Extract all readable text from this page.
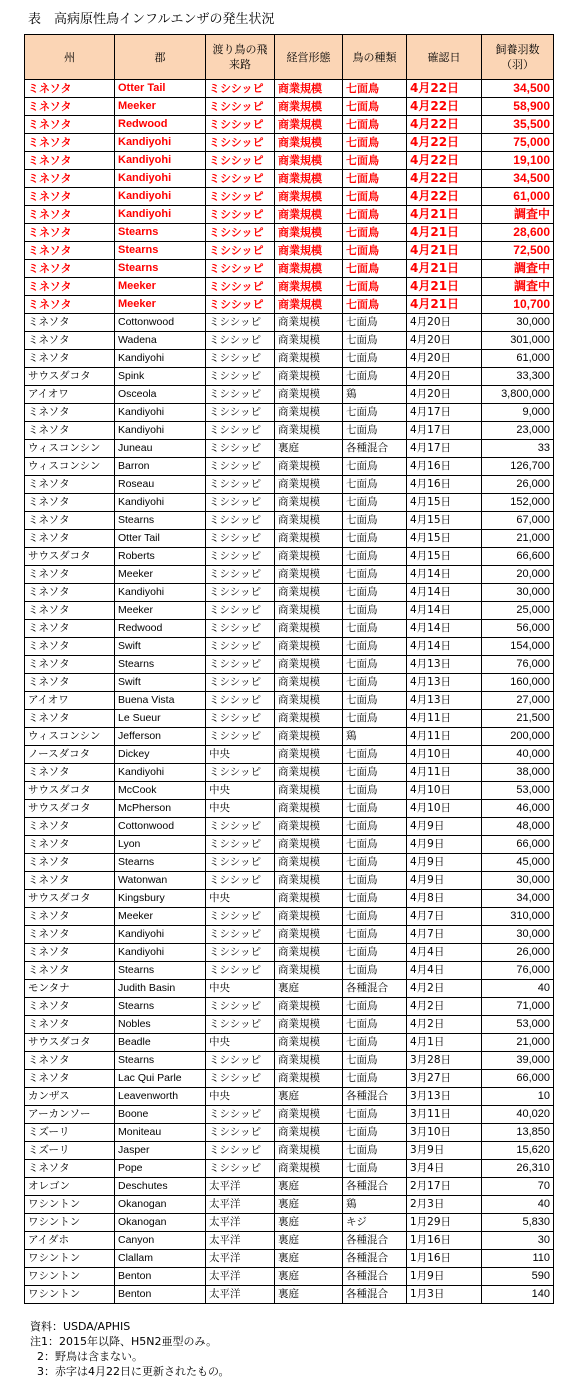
表　高病原性鳥インフルエンザの発生状況
州	郡	渡り鳥の飛来路	経営形態	鳥の種類	確認日	飼養羽数（羽）
ミネソタ	Otter Tail	ミシシッピ	商業規模	七面鳥	4月22日	34,500
ミネソタ	Meeker	ミシシッピ	商業規模	七面鳥	4月22日	58,900
ミネソタ	Redwood	ミシシッピ	商業規模	七面鳥	4月22日	35,500
ミネソタ	Kandiyohi	ミシシッピ	商業規模	七面鳥	4月22日	75,000
ミネソタ	Kandiyohi	ミシシッピ	商業規模	七面鳥	4月22日	19,100
ミネソタ	Kandiyohi	ミシシッピ	商業規模	七面鳥	4月22日	34,500
ミネソタ	Kandiyohi	ミシシッピ	商業規模	七面鳥	4月22日	61,000
ミネソタ	Kandiyohi	ミシシッピ	商業規模	七面鳥	4月21日	調査中
ミネソタ	Stearns	ミシシッピ	商業規模	七面鳥	4月21日	28,600
ミネソタ	Stearns	ミシシッピ	商業規模	七面鳥	4月21日	72,500
ミネソタ	Stearns	ミシシッピ	商業規模	七面鳥	4月21日	調査中
ミネソタ	Meeker	ミシシッピ	商業規模	七面鳥	4月21日	調査中
ミネソタ	Meeker	ミシシッピ	商業規模	七面鳥	4月21日	10,700
ミネソタ	Cottonwood	ミシシッピ	商業規模	七面鳥	4月20日	30,000
ミネソタ	Wadena	ミシシッピ	商業規模	七面鳥	4月20日	301,000
ミネソタ	Kandiyohi	ミシシッピ	商業規模	七面鳥	4月20日	61,000
サウスダコタ	Spink	ミシシッピ	商業規模	七面鳥	4月20日	33,300
アイオワ	Osceola	ミシシッピ	商業規模	鶏	4月20日	3,800,000
ミネソタ	Kandiyohi	ミシシッピ	商業規模	七面鳥	4月17日	9,000
ミネソタ	Kandiyohi	ミシシッピ	商業規模	七面鳥	4月17日	23,000
ウィスコンシン	Juneau	ミシシッピ	裏庭	各種混合	4月17日	33
ウィスコンシン	Barron	ミシシッピ	商業規模	七面鳥	4月16日	126,700
ミネソタ	Roseau	ミシシッピ	商業規模	七面鳥	4月16日	26,000
ミネソタ	Kandiyohi	ミシシッピ	商業規模	七面鳥	4月15日	152,000
ミネソタ	Stearns	ミシシッピ	商業規模	七面鳥	4月15日	67,000
ミネソタ	Otter Tail	ミシシッピ	商業規模	七面鳥	4月15日	21,000
サウスダコタ	Roberts	ミシシッピ	商業規模	七面鳥	4月15日	66,600
ミネソタ	Meeker	ミシシッピ	商業規模	七面鳥	4月14日	20,000
ミネソタ	Kandiyohi	ミシシッピ	商業規模	七面鳥	4月14日	30,000
ミネソタ	Meeker	ミシシッピ	商業規模	七面鳥	4月14日	25,000
ミネソタ	Redwood	ミシシッピ	商業規模	七面鳥	4月14日	56,000
ミネソタ	Swift	ミシシッピ	商業規模	七面鳥	4月14日	154,000
ミネソタ	Stearns	ミシシッピ	商業規模	七面鳥	4月13日	76,000
ミネソタ	Swift	ミシシッピ	商業規模	七面鳥	4月13日	160,000
アイオワ	Buena Vista	ミシシッピ	商業規模	七面鳥	4月13日	27,000
ミネソタ	Le Sueur	ミシシッピ	商業規模	七面鳥	4月11日	21,500
ウィスコンシン	Jefferson	ミシシッピ	商業規模	鶏	4月11日	200,000
ノースダコタ	Dickey	中央	商業規模	七面鳥	4月10日	40,000
ミネソタ	Kandiyohi	ミシシッピ	商業規模	七面鳥	4月11日	38,000
サウスダコタ	McCook	中央	商業規模	七面鳥	4月10日	53,000
サウスダコタ	McPherson	中央	商業規模	七面鳥	4月10日	46,000
ミネソタ	Cottonwood	ミシシッピ	商業規模	七面鳥	4月9日	48,000
ミネソタ	Lyon	ミシシッピ	商業規模	七面鳥	4月9日	66,000
ミネソタ	Stearns	ミシシッピ	商業規模	七面鳥	4月9日	45,000
ミネソタ	Watonwan	ミシシッピ	商業規模	七面鳥	4月9日	30,000
サウスダコタ	Kingsbury	中央	商業規模	七面鳥	4月8日	34,000
ミネソタ	Meeker	ミシシッピ	商業規模	七面鳥	4月7日	310,000
ミネソタ	Kandiyohi	ミシシッピ	商業規模	七面鳥	4月7日	30,000
ミネソタ	Kandiyohi	ミシシッピ	商業規模	七面鳥	4月4日	26,000
ミネソタ	Stearns	ミシシッピ	商業規模	七面鳥	4月4日	76,000
モンタナ	Judith Basin	中央	裏庭	各種混合	4月2日	40
ミネソタ	Stearns	ミシシッピ	商業規模	七面鳥	4月2日	71,000
ミネソタ	Nobles	ミシシッピ	商業規模	七面鳥	4月2日	53,000
サウスダコタ	Beadle	中央	商業規模	七面鳥	4月1日	21,000
ミネソタ	Stearns	ミシシッピ	商業規模	七面鳥	3月28日	39,000
ミネソタ	Lac Qui Parle	ミシシッピ	商業規模	七面鳥	3月27日	66,000
カンザス	Leavenworth	中央	裏庭	各種混合	3月13日	10
アーカンソー	Boone	ミシシッピ	商業規模	七面鳥	3月11日	40,020
ミズーリ	Moniteau	ミシシッピ	商業規模	七面鳥	3月10日	13,850
ミズーリ	Jasper	ミシシッピ	商業規模	七面鳥	3月9日	15,620
ミネソタ	Pope	ミシシッピ	商業規模	七面鳥	3月4日	26,310
オレゴン	Deschutes	太平洋	裏庭	各種混合	2月17日	70
ワシントン	Okanogan	太平洋	裏庭	鶏	2月3日	40
ワシントン	Okanogan	太平洋	裏庭	キジ	1月29日	5,830
アイダホ	Canyon	太平洋	裏庭	各種混合	1月16日	30
ワシントン	Clallam	太平洋	裏庭	各種混合	1月16日	110
ワシントン	Benton	太平洋	裏庭	各種混合	1月9日	590
ワシントン	Benton	太平洋	裏庭	各種混合	1月3日	140
資料：USDA/APHIS
注1：2015年以降、H5N2亜型のみ。
2：野鳥は含まない。
3：赤字は4月22日に更新されたもの。
